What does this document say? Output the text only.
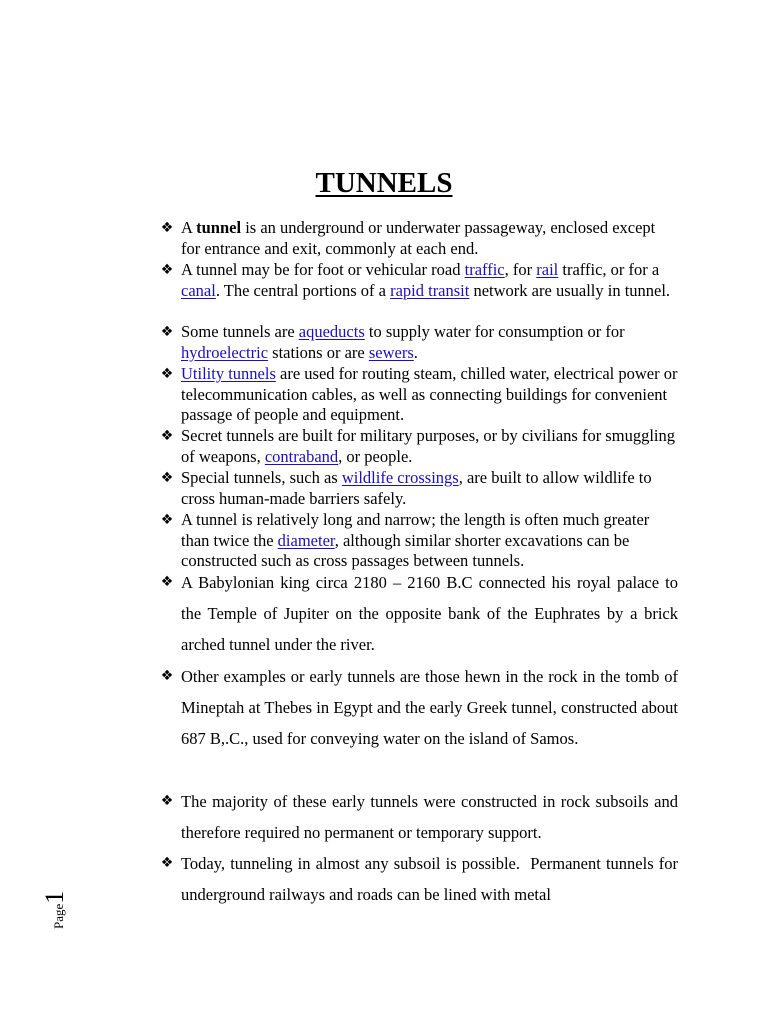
TUNNELS
❖ A tunnel is an underground or underwater passageway, enclosed except for entrance and exit, commonly at each end.
❖ A tunnel may be for foot or vehicular road traffic, for rail traffic, or for a canal. The central portions of a rapid transit network are usually in tunnel.
❖ Some tunnels are aqueducts to supply water for consumption or for hydroelectric stations or are sewers.
❖ Utility tunnels are used for routing steam, chilled water, electrical power or telecommunication cables, as well as connecting buildings for convenient passage of people and equipment.
❖ Secret tunnels are built for military purposes, or by civilians for smuggling of weapons, contraband, or people.
❖ Special tunnels, such as wildlife crossings, are built to allow wildlife to cross human-made barriers safely.
❖ A tunnel is relatively long and narrow; the length is often much greater than twice the diameter, although similar shorter excavations can be constructed such as cross passages between tunnels.
❖ A Babylonian king circa 2180 – 2160 B.C connected his royal palace to the Temple of Jupiter on the opposite bank of the Euphrates by a brick arched tunnel under the river.
❖ Other examples or early tunnels are those hewn in the rock in the tomb of Mineptah at Thebes in Egypt and the early Greek tunnel, constructed about 687 B,.C., used for conveying water on the island of Samos.
❖ The majority of these early tunnels were constructed in rock subsoils and therefore required no permanent or temporary support.
❖ Today, tunneling in almost any subsoil is possible.  Permanent tunnels for underground railways and roads can be lined with metal
Page1
